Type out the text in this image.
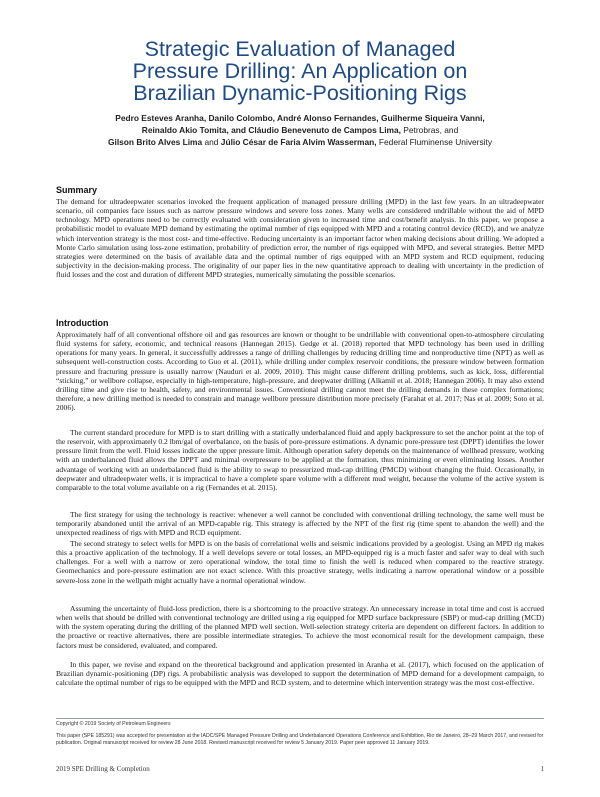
Strategic Evaluation of Managed
Pressure Drilling: An Application on
Brazilian Dynamic-Positioning Rigs
Pedro Esteves Aranha, Danilo Colombo, André Alonso Fernandes, Guilherme Siqueira Vanni,
Reinaldo Akio Tomita, and Cláudio Benevenuto de Campos Lima, Petrobras, and
Gilson Brito Alves Lima and Júlio César de Faria Alvim Wasserman, Federal Fluminense University
Summary

The demand for ultradeepwater scenarios invoked the frequent application of managed pressure drilling (MPD) in the last few years. In an ultradeepwater scenario, oil companies face issues such as narrow pressure windows and severe loss zones. Many wells are considered undrillable without the aid of MPD technology. MPD operations need to be correctly evaluated with consideration given to increased time and cost/benefit analysis. In this paper, we propose a probabilistic model to evaluate MPD demand by estimating the optimal number of rigs equipped with MPD and a rotating control device (RCD), and we analyze which intervention strategy is the most cost- and time-effective. Reducing uncertainty is an important factor when making decisions about drilling. We adopted a Monte Carlo simulation using loss-zone estimation, probability of prediction error, the number of rigs equipped with MPD, and several strategies. Better MPD strategies were determined on the basis of available data and the optimal number of rigs equipped with an MPD system and RCD equipment, reducing subjectivity in the decision-making process. The originality of our paper lies in the new quantitative approach to dealing with uncertainty in the prediction of fluid losses and the cost and duration of different MPD strategies, numerically simulating the possible scenarios.

Introduction

Approximately half of all conventional offshore oil and gas resources are known or thought to be undrillable with conventional open-to-atmosphere circulating fluid systems for safety, economic, and technical reasons (Hannegan 2015). Gedge et al. (2018) reported that MPD technology has been used in drilling operations for many years. In general, it successfully addresses a range of drilling challenges by reducing drilling time and nonproductive time (NPT) as well as subsequent well-construction costs. According to Guo et al. (2011), while drilling under complex reservoir conditions, the pressure window between formation pressure and fracturing pressure is usually narrow (Nauduri et al. 2009, 2010). This might cause different drilling problems, such as kick, loss, differential “sticking,” or wellbore collapse, especially in high-temperature, high-pressure, and deepwater drilling (Alkamil et al. 2018; Hannegan 2006). It may also extend drilling time and give rise to health, safety, and environmental issues. Conventional drilling cannot meet the drilling demands in these complex formations; therefore, a new drilling method is needed to constrain and manage wellbore pressure distribution more precisely (Farahat et al. 2017; Nas et al. 2009; Soto et al. 2006).

The current standard procedure for MPD is to start drilling with a statically underbalanced fluid and apply backpressure to set the anchor point at the top of the reservoir, with approximately 0.2 lbm/gal of overbalance, on the basis of pore-pressure estimations. A dynamic pore-pressure test (DPPT) identifies the lower pressure limit from the well. Fluid losses indicate the upper pressure limit. Although operation safety depends on the maintenance of wellhead pressure, working with an underbalanced fluid allows the DPPT and minimal overpressure to be applied at the formation, thus minimizing or even eliminating losses. Another advantage of working with an underbalanced fluid is the ability to swap to pressurized mud-cap drilling (PMCD) without changing the fluid. Occasionally, in deepwater and ultradeepwater wells, it is impractical to have a complete spare volume with a different mud weight, because the volume of the active system is comparable to the total volume available on a rig (Fernandes et al. 2015).

The first strategy for using the technology is reactive: whenever a well cannot be concluded with conventional drilling technology, the same well must be temporarily abandoned until the arrival of an MPD-capable rig. This strategy is affected by the NPT of the first rig (time spent to abandon the well) and the unexpected readiness of rigs with MPD and RCD equipment.

The second strategy to select wells for MPD is on the basis of correlational wells and seismic indications provided by a geologist. Using an MPD rig makes this a proactive application of the technology. If a well develops severe or total losses, an MPD-equipped rig is a much faster and safer way to deal with such challenges. For a well with a narrow or zero operational window, the total time to finish the well is reduced when compared to the reactive strategy. Geomechanics and pore-pressure estimation are not exact science. With this proactive strategy, wells indicating a narrow operational window or a possible severe-loss zone in the wellpath might actually have a normal operational window.

Assuming the uncertainty of fluid-loss prediction, there is a shortcoming to the proactive strategy. An unnecessary increase in total time and cost is accrued when wells that should be drilled with conventional technology are drilled using a rig equipped for MPD surface backpressure (SBP) or mud-cap drilling (MCD) with the system operating during the drilling of the planned MPD well section. Well-selection strategy criteria are dependent on different factors. In addition to the proactive or reactive alternatives, there are possible intermediate strategies. To achieve the most economical result for the development campaign, these factors must be considered, evaluated, and compared.

In this paper, we revise and expand on the theoretical background and application presented in Aranha et al. (2017), which focused on the application of Brazilian dynamic-positioning (DP) rigs. A probabilistic analysis was developed to support the determination of MPD demand for a development campaign, to calculate the optimal number of rigs to be equipped with the MPD and RCD system, and to determine which intervention strategy was the most cost-effective.

Copyright © 2019 Society of Petroleum Engineers

This paper (SPE 185291) was accepted for presentation at the IADC/SPE Managed Pressure Drilling and Underbalanced Operations Conference and Exhibition, Rio de Janeiro, 28–29 March 2017, and revised for publication. Original manuscript received for review 28 June 2018. Revised manuscript received for review 5 January 2019. Paper peer approved 11 January 2019.

2019 SPE Drilling & Completion	1
